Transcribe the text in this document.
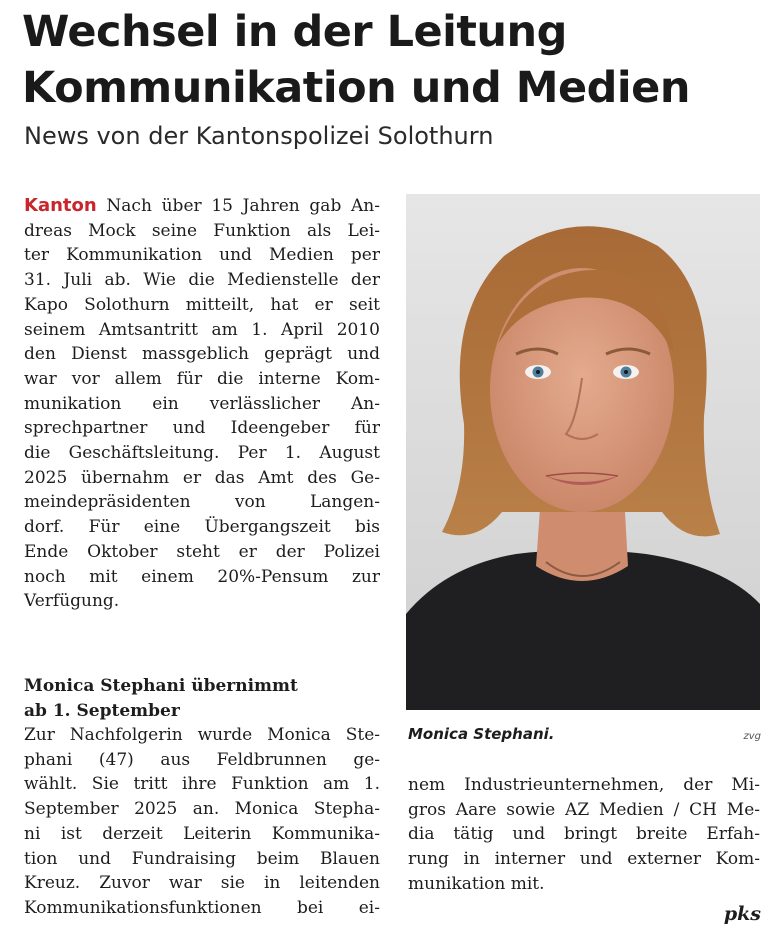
Wechsel in der Leitung
Kommunikation und Medien
News von der Kantonspolizei Solothurn
Kanton Nach über 15 Jahren gab An-
dreas Mock seine Funktion als Lei-
ter Kommunikation und Medien per
31. Juli ab. Wie die Medienstelle der
Kapo Solothurn mitteilt, hat er seit
seinem Amtsantritt am 1. April 2010
den Dienst massgeblich geprägt und
war vor allem für die interne Kom-
munikation ein verlässlicher An-
sprechpartner und Ideengeber für
die Geschäftsleitung. Per 1. August
2025 übernahm er das Amt des Ge-
meindepräsidenten von Langen-
dorf. Für eine Übergangszeit bis
Ende Oktober steht er der Polizei
noch mit einem 20%-Pensum zur
Verfügung.
Monica Stephani übernimmt
ab 1. September
Zur Nachfolgerin wurde Monica Ste-
phani (47) aus Feldbrunnen ge-
wählt. Sie tritt ihre Funktion am 1.
September 2025 an. Monica Stepha-
ni ist derzeit Leiterin Kommunika-
tion und Fundraising beim Blauen
Kreuz. Zuvor war sie in leitenden
Kommunikationsfunktionen bei ei-
Monica Stephani.	zvg
nem Industrieunternehmen, der Mi-
gros Aare sowie AZ Medien / CH Me-
dia tätig und bringt breite Erfah-
rung in interner und externer Kom-
munikation mit.
pks
